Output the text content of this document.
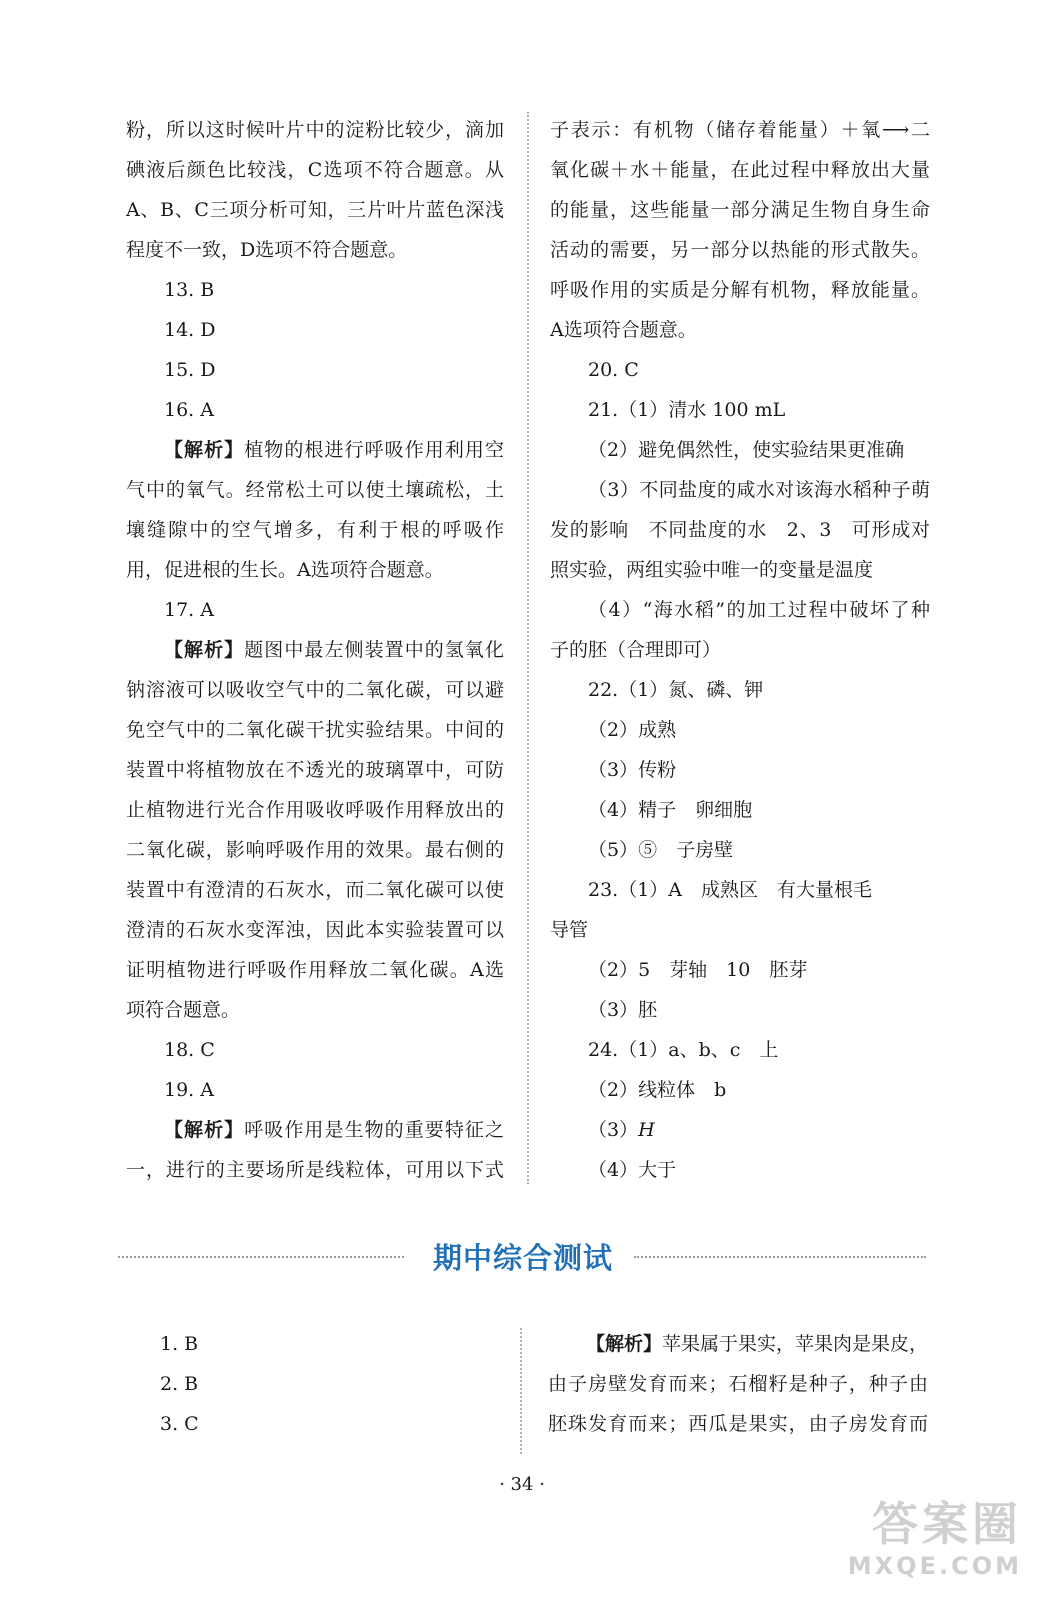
粉，所以这时候叶片中的淀粉比较少，滴加
碘液后颜色比较浅，C选项不符合题意。从
A、B、C三项分析可知，三片叶片蓝色深浅
程度不一致，D选项不符合题意。
13. B
14. D
15. D
16. A
【解析】植物的根进行呼吸作用利用空
气中的氧气。经常松土可以使土壤疏松，土
壤缝隙中的空气增多，有利于根的呼吸作
用，促进根的生长。A选项符合题意。
17. A
【解析】题图中最左侧装置中的氢氧化
钠溶液可以吸收空气中的二氧化碳，可以避
免空气中的二氧化碳干扰实验结果。中间的
装置中将植物放在不透光的玻璃罩中，可防
止植物进行光合作用吸收呼吸作用释放出的
二氧化碳，影响呼吸作用的效果。最右侧的
装置中有澄清的石灰水，而二氧化碳可以使
澄清的石灰水变浑浊，因此本实验装置可以
证明植物进行呼吸作用释放二氧化碳。A选
项符合题意。
18. C
19. A
【解析】呼吸作用是生物的重要特征之
一，进行的主要场所是线粒体，可用以下式
子表示：有机物（储存着能量）＋氧⟶二
氧化碳＋水＋能量，在此过程中释放出大量
的能量，这些能量一部分满足生物自身生命
活动的需要，另一部分以热能的形式散失。
呼吸作用的实质是分解有机物，释放能量。
A选项符合题意。
20. C
21.（1）清水 100 mL
（2）避免偶然性，使实验结果更准确
（3）不同盐度的咸水对该海水稻种子萌
发的影响　不同盐度的水　2、3　可形成对
照实验，两组实验中唯一的变量是温度
（4）“海水稻”的加工过程中破坏了种
子的胚（合理即可）
22.（1）氮、磷、钾
（2）成熟
（3）传粉
（4）精子　卵细胞
（5）⑤　子房壁
23.（1）A　成熟区　有大量根毛
导管
（2）5　芽轴　10　胚芽
（3）胚
24.（1）a、b、c　上
（2）线粒体　b
（3）H
（4）大于
期中综合测试
1. B
2. B
3. C
【解析】苹果属于果实，苹果肉是果皮，
由子房壁发育而来；石榴籽是种子，种子由
胚珠发育而来；西瓜是果实，由子房发育而
· 34 ·
答案圈
MXQE.COM
